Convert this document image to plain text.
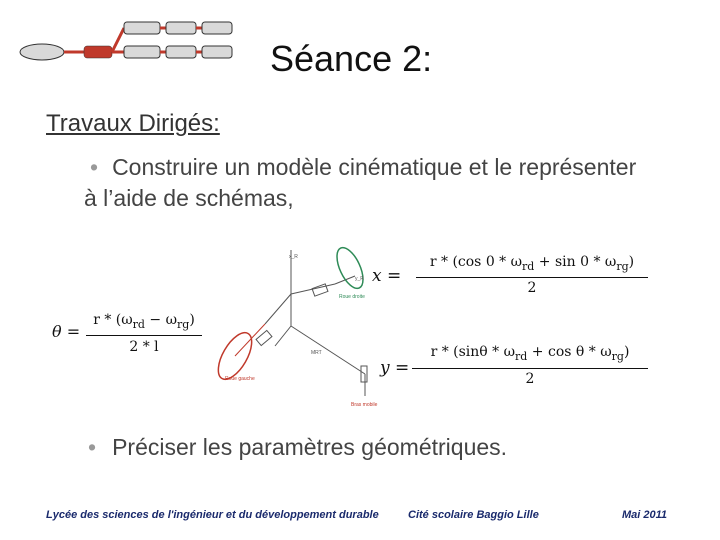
Séance 2:
Travaux Dirigés:
• Construire un modèle cinématique et le représenter à l’aide de schémas,
x_R
y_R
MRT
Roue gauche
Roue droite
Bras mobile
θ =
$r * (\omega_{rd} - \omega_{rg})$
2 * l
x =
r * (cos $0 * \omega_{rd} + \sin 0 * \omega_{rg}$)
2
y =
$r * (\sin\theta * \omega_{rd} + \cos \theta * \omega_{rg})$
2
• Préciser les paramètres géométriques.
Lycée des sciences de l'ingénieur et du développement durable	Cité scolaire Baggio Lille	Mai 2011
